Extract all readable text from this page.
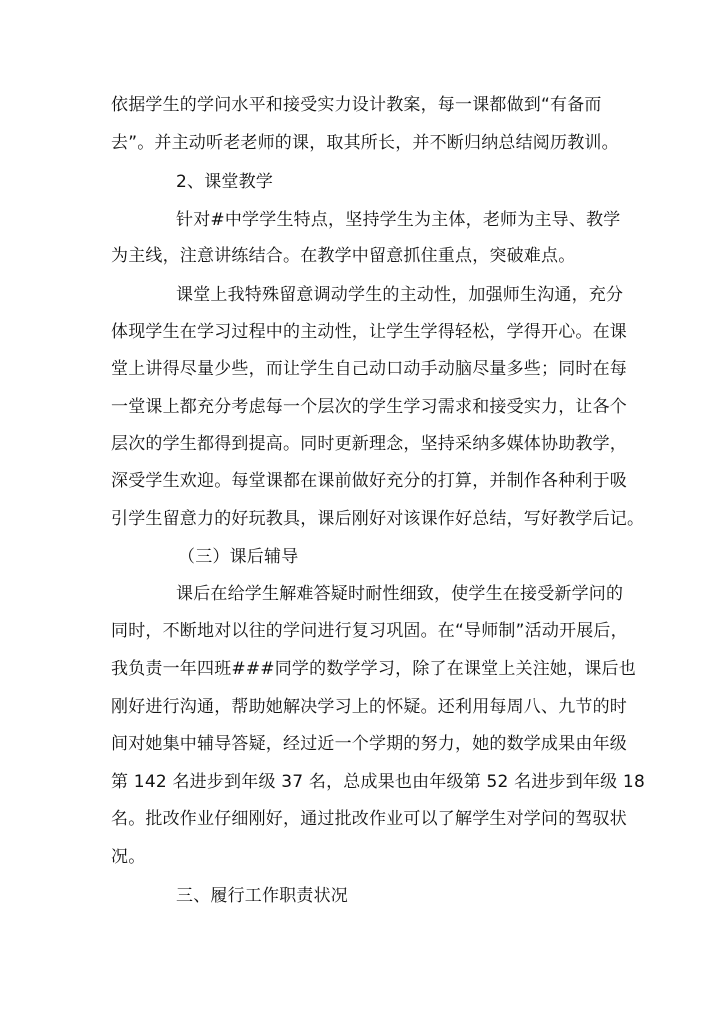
依据学生的学问水平和接受实力设计教案，每一课都做到“有备而
去”。并主动听老老师的课，取其所长，并不断归纳总结阅历教训。
2、课堂教学
针对#中学学生特点，坚持学生为主体，老师为主导、教学
为主线，注意讲练结合。在教学中留意抓住重点，突破难点。
课堂上我特殊留意调动学生的主动性，加强师生沟通，充分
体现学生在学习过程中的主动性，让学生学得轻松，学得开心。在课
堂上讲得尽量少些，而让学生自己动口动手动脑尽量多些；同时在每
一堂课上都充分考虑每一个层次的学生学习需求和接受实力，让各个
层次的学生都得到提高。同时更新理念，坚持采纳多媒体协助教学，
深受学生欢迎。每堂课都在课前做好充分的打算，并制作各种利于吸
引学生留意力的好玩教具，课后刚好对该课作好总结，写好教学后记。
（三）课后辅导
课后在给学生解难答疑时耐性细致，使学生在接受新学问的
同时，不断地对以往的学问进行复习巩固。在“导师制”活动开展后，
我负责一年四班###同学的数学学习，除了在课堂上关注她，课后也
刚好进行沟通，帮助她解决学习上的怀疑。还利用每周八、九节的时
间对她集中辅导答疑，经过近一个学期的努力，她的数学成果由年级
第 142 名进步到年级 37 名，总成果也由年级第 52 名进步到年级 18
名。批改作业仔细刚好，通过批改作业可以了解学生对学问的驾驭状
况。
三、履行工作职责状况
